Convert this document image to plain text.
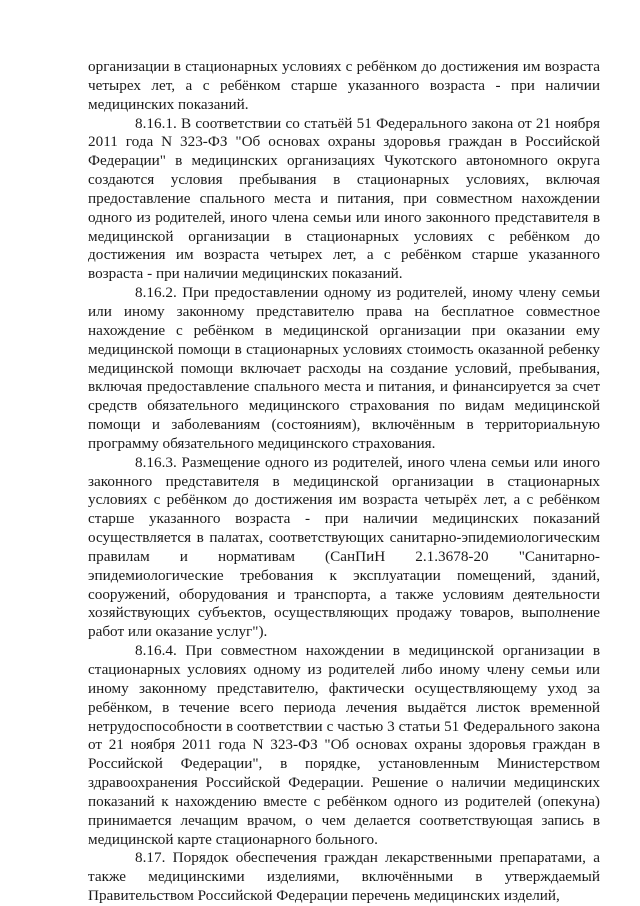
организации в стационарных условиях с ребёнком до достижения им возраста четырех лет, а с ребёнком старше указанного возраста - при наличии медицинских показаний.

8.16.1. В соответствии со статьёй 51 Федерального закона от 21 ноября 2011 года N 323-ФЗ "Об основах охраны здоровья граждан в Российской Федерации" в медицинских организациях Чукотского автономного округа создаются условия пребывания в стационарных условиях, включая предоставление спального места и питания, при совместном нахождении одного из родителей, иного члена семьи или иного законного представителя в медицинской организации в стационарных условиях с ребёнком до достижения им возраста четырех лет, а с ребёнком старше указанного возраста - при наличии медицинских показаний.

8.16.2. При предоставлении одному из родителей, иному члену семьи или иному законному представителю права на бесплатное совместное нахождение с ребёнком в медицинской организации при оказании ему медицинской помощи в стационарных условиях стоимость оказанной ребенку медицинской помощи включает расходы на создание условий, пребывания, включая предоставление спального места и питания, и финансируется за счет средств обязательного медицинского страхования по видам медицинской помощи и заболеваниям (состояниям), включённым в территориальную программу обязательного медицинского страхования.

8.16.3. Размещение одного из родителей, иного члена семьи или иного законного представителя в медицинской организации в стационарных условиях с ребёнком до достижения им возраста четырёх лет, а с ребёнком старше указанного возраста - при наличии медицинских показаний осуществляется в палатах, соответствующих санитарно-эпидемиологическим правилам и нормативам (СанПиН 2.1.3678-20 "Санитарно-эпидемиологические требования к эксплуатации помещений, зданий, сооружений, оборудования и транспорта, а также условиям деятельности хозяйствующих субъектов, осуществляющих продажу товаров, выполнение работ или оказание услуг").

8.16.4. При совместном нахождении в медицинской организации в стационарных условиях одному из родителей либо иному члену семьи или иному законному представителю, фактически осуществляющему уход за ребёнком, в течение всего периода лечения выдаётся листок временной нетрудоспособности в соответствии с частью 3 статьи 51 Федерального закона от 21 ноября 2011 года N 323-ФЗ "Об основах охраны здоровья граждан в Российской Федерации", в порядке, установленным Министерством здравоохранения Российской Федерации. Решение о наличии медицинских показаний к нахождению вместе с ребёнком одного из родителей (опекуна) принимается лечащим врачом, о чем делается соответствующая запись в медицинской карте стационарного больного.

8.17. Порядок обеспечения граждан лекарственными препаратами, а также медицинскими изделиями, включёнными в утверждаемый Правительством Российской Федерации перечень медицинских изделий,
